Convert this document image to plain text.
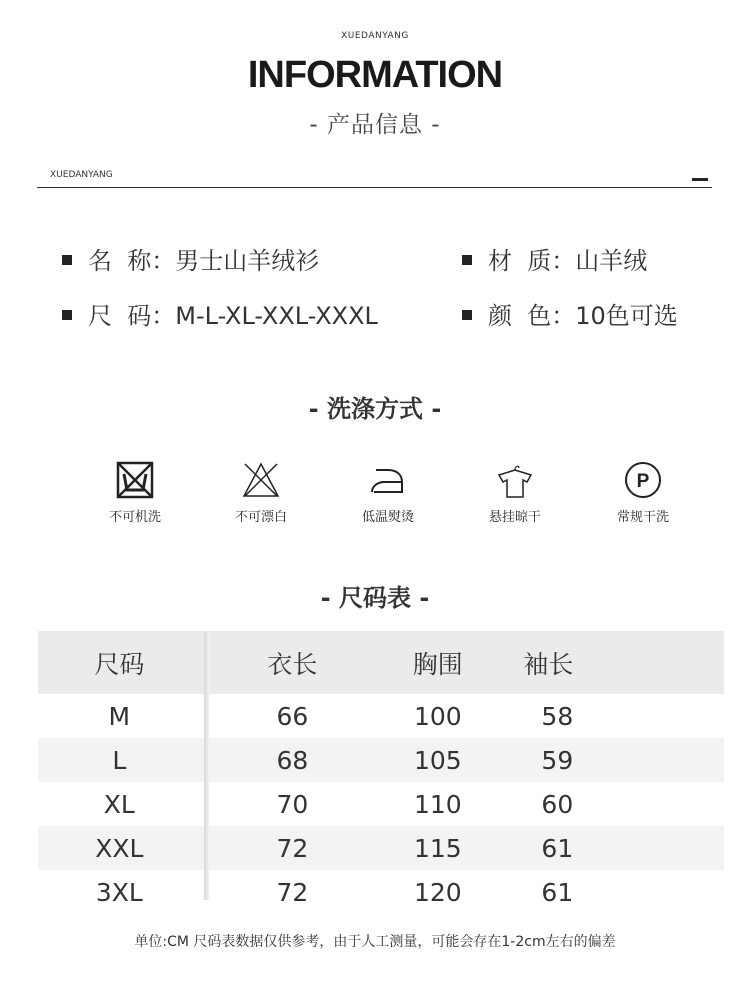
XUEDANYANG
INFORMATION
- 产品信息 -
XUEDANYANG
名  称：男士山羊绒衫	材  质：山羊绒
尺  码：M-L-XL-XXL-XXXL	颜  色：10色可选
- 洗涤方式 -
不可机洗	不可漂白	低温熨烫	悬挂晾干
P
常规干洗
- 尺码表 -
尺码	衣长	胸围	袖长
M	66	100	58
L	68	105	59
XL	70	110	60
XXL	72	115	61
3XL	72	120	61
单位:CM 尺码表数据仅供参考，由于人工测量，可能会存在1-2cm左右的偏差
